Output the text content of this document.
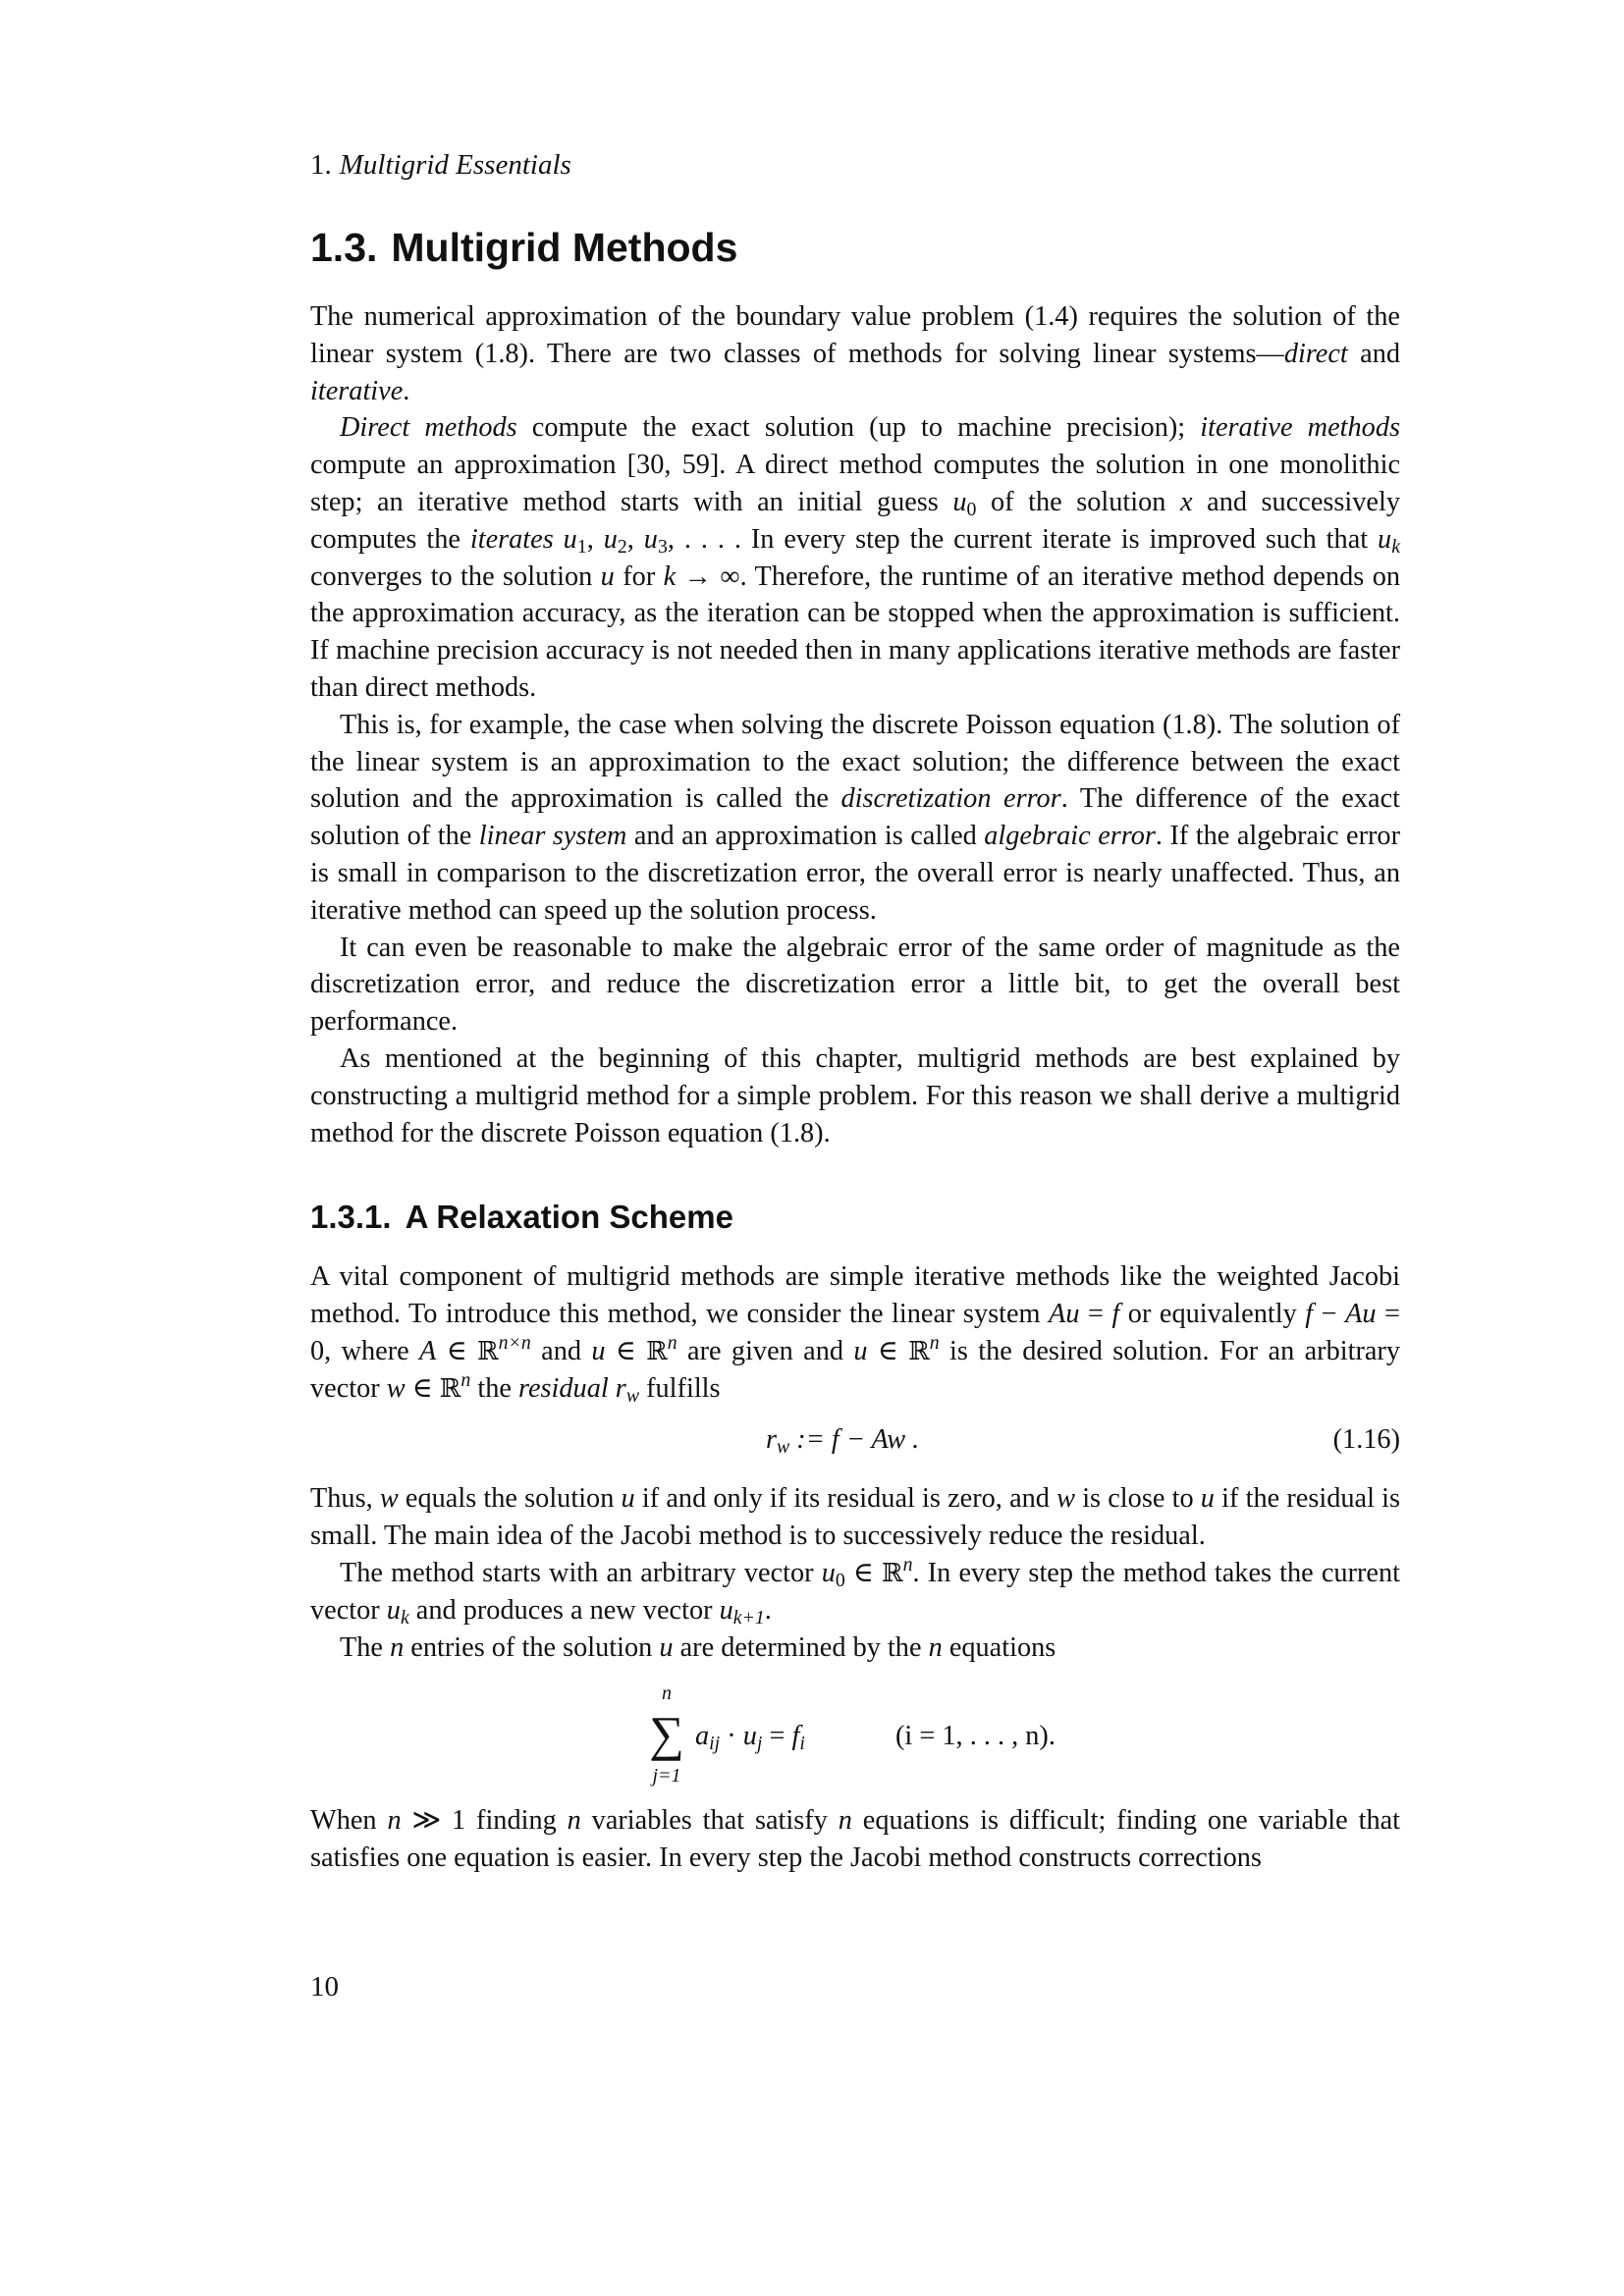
1. Multigrid Essentials
1.3. Multigrid Methods

The numerical approximation of the boundary value problem (1.4) requires the solution of the linear system (1.8). There are two classes of methods for solving linear systems—direct and iterative.

Direct methods compute the exact solution (up to machine precision); iterative methods compute an approximation [30, 59]. A direct method computes the solution in one monolithic step; an iterative method starts with an initial guess $u_0$ of the solution x and successively computes the iterates $u_1$, $u_2$, $u_3$, . . . . In every step the current iterate is improved such that $u_k$ converges to the solution u for k → ∞. Therefore, the runtime of an iterative method depends on the approximation accuracy, as the iteration can be stopped when the approximation is sufficient. If machine precision accuracy is not needed then in many applications iterative methods are faster than direct methods.

This is, for example, the case when solving the discrete Poisson equation (1.8). The solution of the linear system is an approximation to the exact solution; the difference between the exact solution and the approximation is called the discretization error. The difference of the exact solution of the linear system and an approximation is called algebraic error. If the algebraic error is small in comparison to the discretization error, the overall error is nearly unaffected. Thus, an iterative method can speed up the solution process.

It can even be reasonable to make the algebraic error of the same order of magnitude as the discretization error, and reduce the discretization error a little bit, to get the overall best performance.

As mentioned at the beginning of this chapter, multigrid methods are best explained by constructing a multigrid method for a simple problem. For this reason we shall derive a multigrid method for the discrete Poisson equation (1.8).

1.3.1. A Relaxation Scheme

A vital component of multigrid methods are simple iterative methods like the weighted Jacobi method. To introduce this method, we consider the linear system Au = f or equivalently f − Au = 0, where A ∈ ℝ$^{n\times n}$ and u ∈ ℝ$^n$ are given and u ∈ ℝ$^n$ is the desired solution. For an arbitrary vector w ∈ ℝ$^n$ the residual $r_w$ fulfills

$r_w$ := f − Aw .	(1.16)

Thus, w equals the solution u if and only if its residual is zero, and w is close to u if the residual is small. The main idea of the Jacobi method is to successively reduce the residual.

The method starts with an arbitrary vector $u_0$ ∈ ℝ$^n$. In every step the method takes the current vector $u_k$ and produces a new vector $u_{k+1}$.

The n entries of the solution u are determined by the n equations

n
∑
j=1
$a_{ij} \cdot u_j = f_i$	(i = 1, . . . , n).

When n ≫ 1 finding n variables that satisfy n equations is difficult; finding one variable that satisfies one equation is easier. In every step the Jacobi method constructs corrections

10
